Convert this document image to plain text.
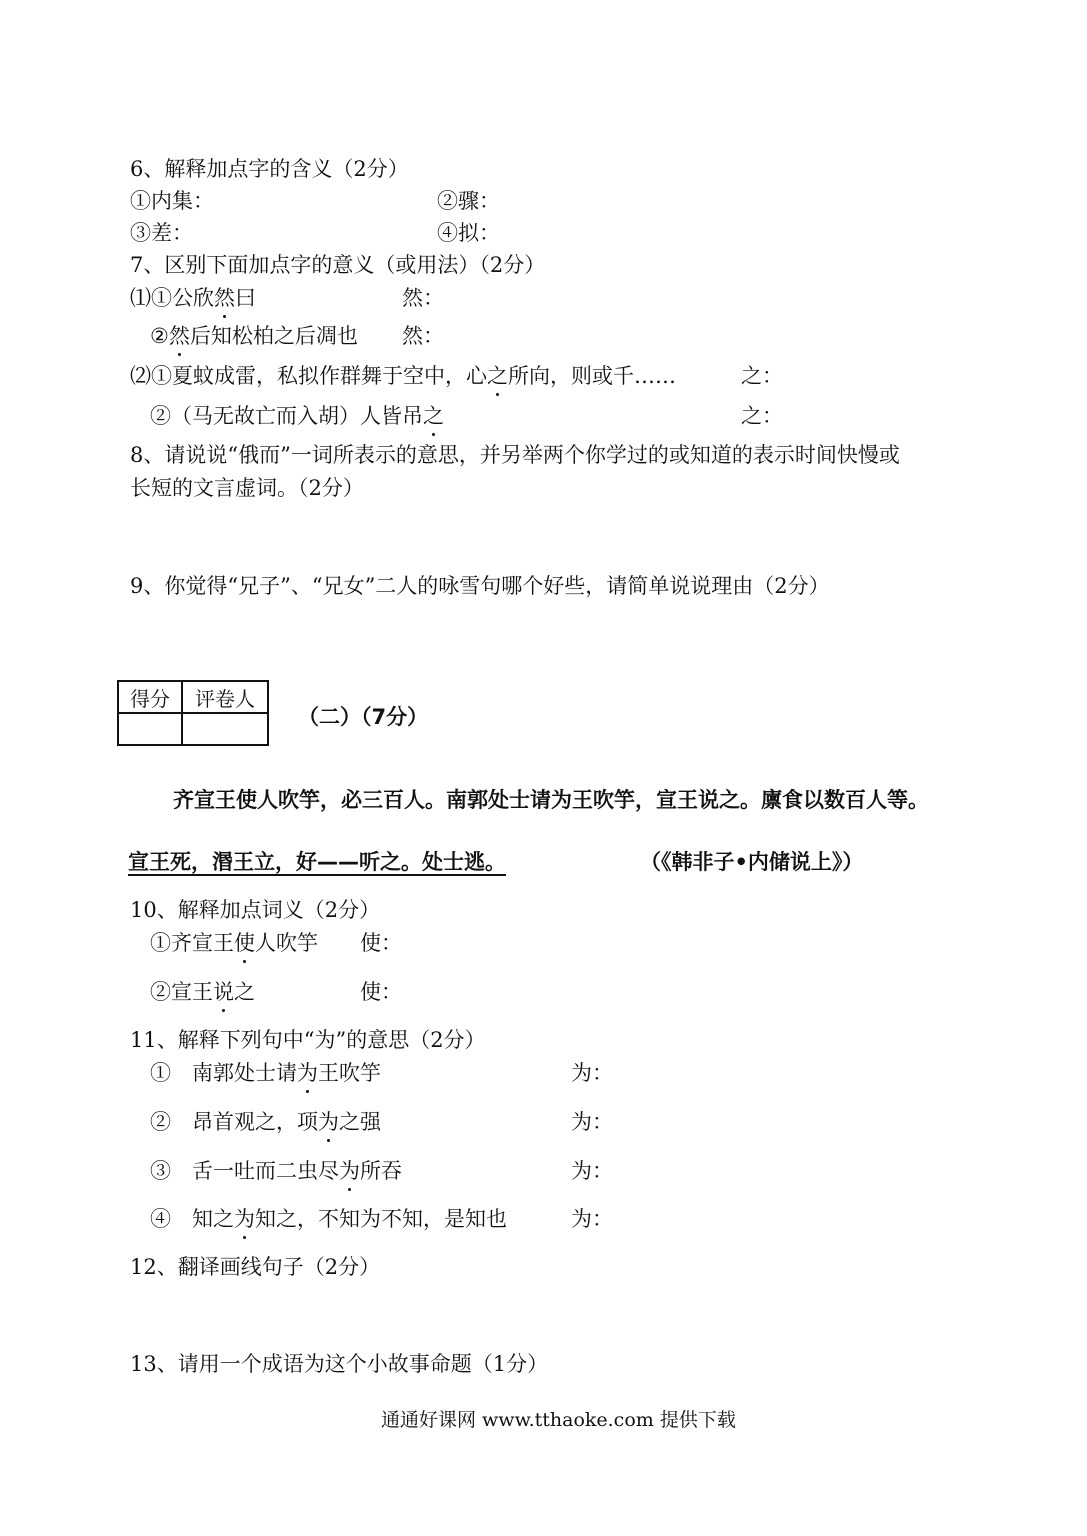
6、解释加点字的含义（2分）
①内集：	②骤：
③差：	④拟：
7、区别下面加点字的意义（或用法）（2分）
⑴①公欣然曰	然：
②然后知松柏之后凋也 然：
⑵①夏蚊成雷，私拟作群舞于空中，心之所向，则或千……	之：
②（马无故亡而入胡）人皆吊之	之：
8、请说说“俄而”一词所表示的意思，并另举两个你学过的或知道的表示时间快慢或
长短的文言虚词。（2分）
9、你觉得“兄子”、“兄女”二人的咏雪句哪个好些，请简单说说理由（2分）
得分	评卷人

（二）（7分）
齐宣王使人吹竽，必三百人。南郭处士请为王吹竽，宣王说之。廪食以数百人等。
宣王死，湣王立，好——听之。处士逃。	（《韩非子•内储说上》）
10、解释加点词义（2分）
①齐宣王使人吹竽 使：
②宣王说之	使：
11、解释下列句中“为”的意思（2分）
①　南郭处士请为王吹竽	为：
②　昂首观之，项为之强	为：
③　舌一吐而二虫尽为所吞	为：
④　知之为知之，不知为不知，是知也	为：
12、翻译画线句子（2分）
13、请用一个成语为这个小故事命题（1分）
通通好课网 www.tthaoke.com 提供下载
